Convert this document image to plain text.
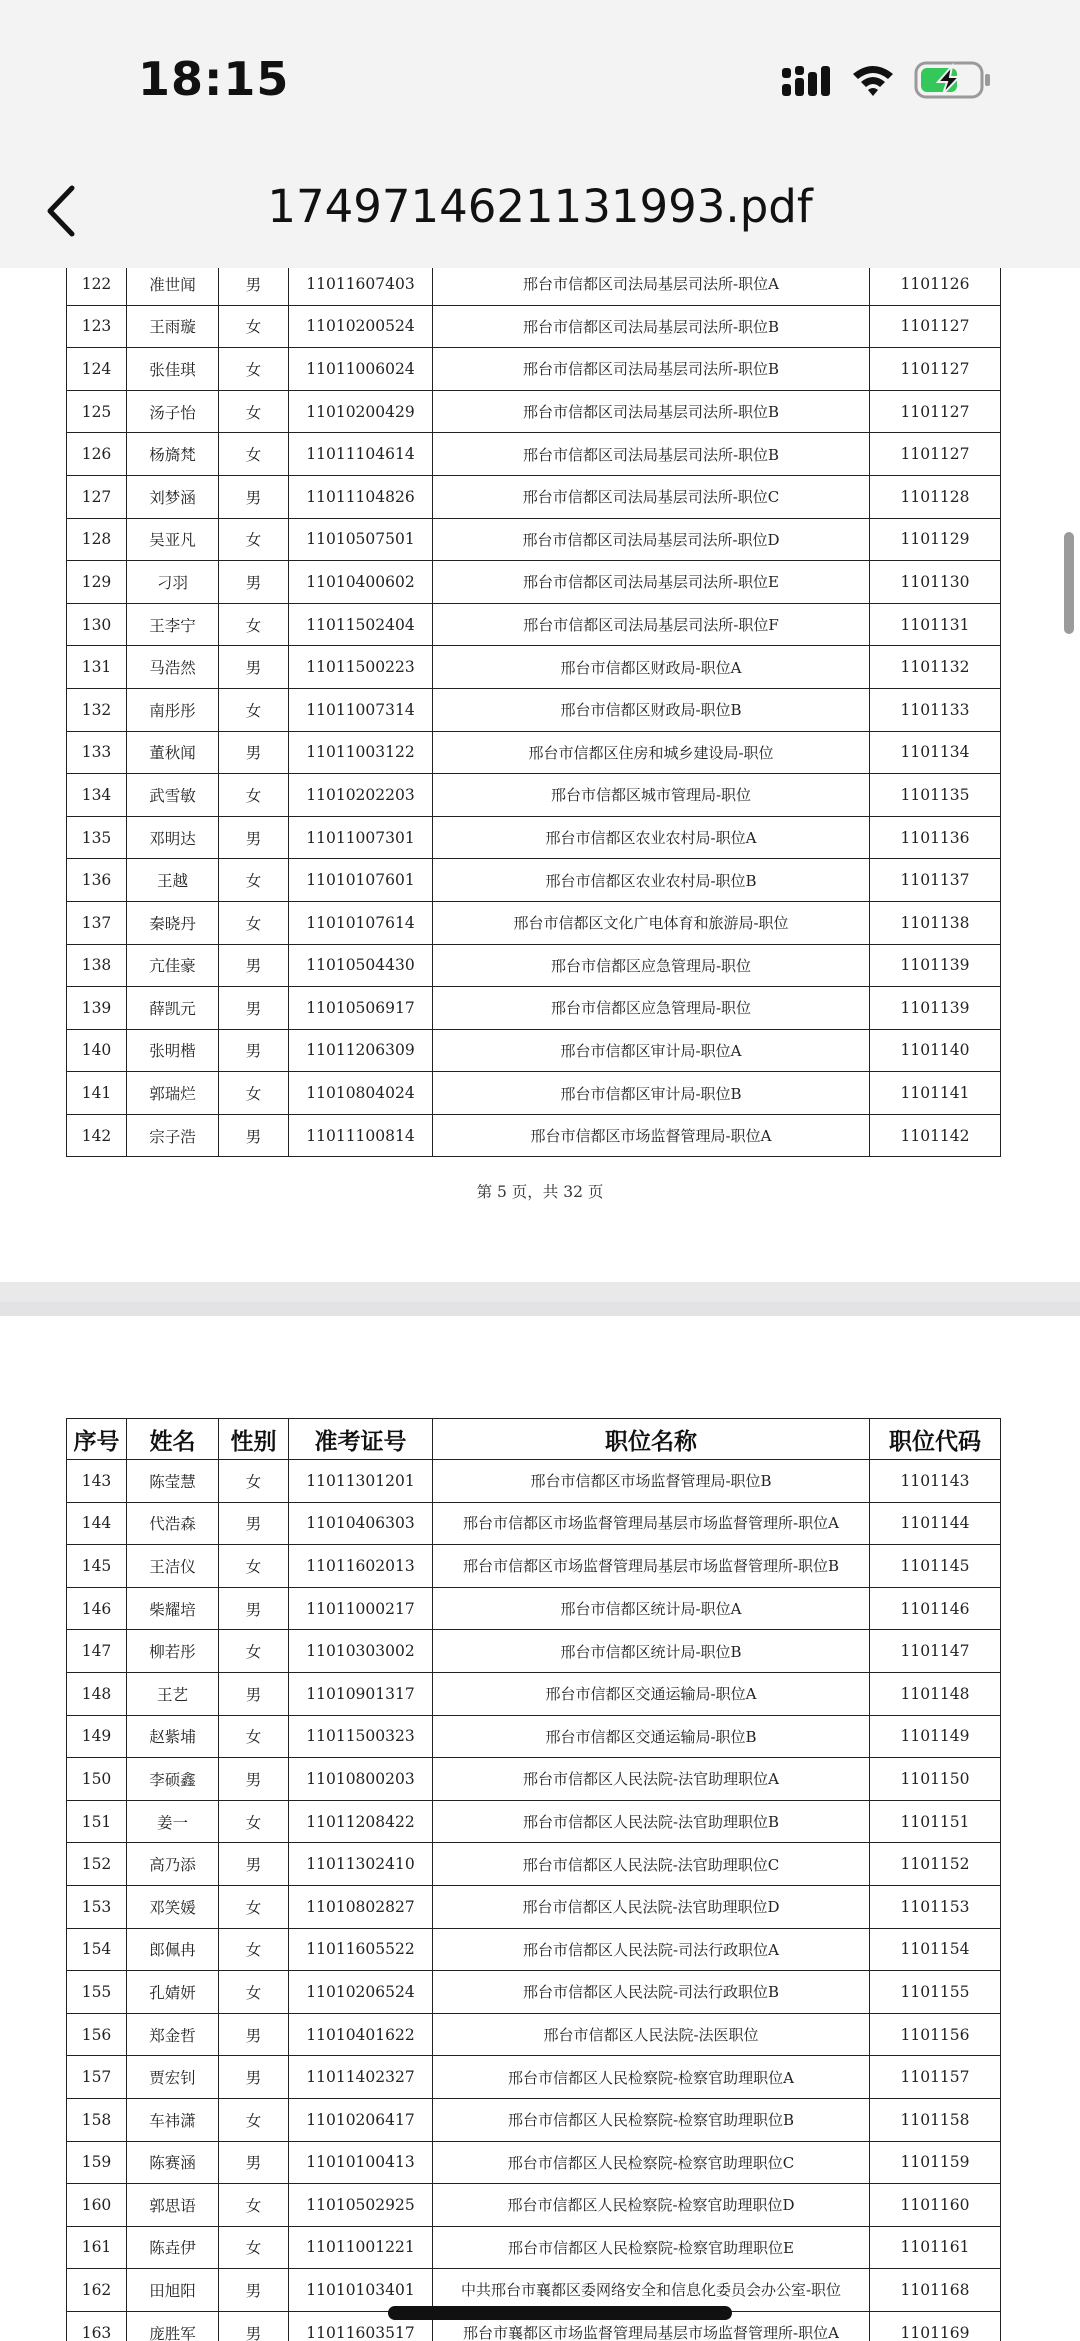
122	准世闻	男	11011607403	邢台市信都区司法局基层司法所-职位A	1101126
123	王雨璇	女	11010200524	邢台市信都区司法局基层司法所-职位B	1101127
124	张佳琪	女	11011006024	邢台市信都区司法局基层司法所-职位B	1101127
125	汤子怡	女	11010200429	邢台市信都区司法局基层司法所-职位B	1101127
126	杨旖梵	女	11011104614	邢台市信都区司法局基层司法所-职位B	1101127
127	刘梦涵	男	11011104826	邢台市信都区司法局基层司法所-职位C	1101128
128	吴亚凡	女	11010507501	邢台市信都区司法局基层司法所-职位D	1101129
129	刁羽	男	11010400602	邢台市信都区司法局基层司法所-职位E	1101130
130	王李宁	女	11011502404	邢台市信都区司法局基层司法所-职位F	1101131
131	马浩然	男	11011500223	邢台市信都区财政局-职位A	1101132
132	南彤彤	女	11011007314	邢台市信都区财政局-职位B	1101133
133	董秋闻	男	11011003122	邢台市信都区住房和城乡建设局-职位	1101134
134	武雪敏	女	11010202203	邢台市信都区城市管理局-职位	1101135
135	邓明达	男	11011007301	邢台市信都区农业农村局-职位A	1101136
136	王越	女	11010107601	邢台市信都区农业农村局-职位B	1101137
137	秦晓丹	女	11010107614	邢台市信都区文化广电体育和旅游局-职位	1101138
138	亢佳豪	男	11010504430	邢台市信都区应急管理局-职位	1101139
139	薛凯元	男	11010506917	邢台市信都区应急管理局-职位	1101139
140	张明楷	男	11011206309	邢台市信都区审计局-职位A	1101140
141	郭瑞烂	女	11010804024	邢台市信都区审计局-职位B	1101141
142	宗子浩	男	11011100814	邢台市信都区市场监督管理局-职位A	1101142
第 5 页，共 32 页
序号	姓名	性别	准考证号	职位名称	职位代码
143	陈莹慧	女	11011301201	邢台市信都区市场监督管理局-职位B	1101143
144	代浩森	男	11010406303	邢台市信都区市场监督管理局基层市场监督管理所-职位A	1101144
145	王洁仪	女	11011602013	邢台市信都区市场监督管理局基层市场监督管理所-职位B	1101145
146	柴耀培	男	11011000217	邢台市信都区统计局-职位A	1101146
147	柳若彤	女	11010303002	邢台市信都区统计局-职位B	1101147
148	王艺	男	11010901317	邢台市信都区交通运输局-职位A	1101148
149	赵紫埔	女	11011500323	邢台市信都区交通运输局-职位B	1101149
150	李硕鑫	男	11010800203	邢台市信都区人民法院-法官助理职位A	1101150
151	姜一	女	11011208422	邢台市信都区人民法院-法官助理职位B	1101151
152	高乃添	男	11011302410	邢台市信都区人民法院-法官助理职位C	1101152
153	邓笑媛	女	11010802827	邢台市信都区人民法院-法官助理职位D	1101153
154	郎佩冉	女	11011605522	邢台市信都区人民法院-司法行政职位A	1101154
155	孔婧妍	女	11010206524	邢台市信都区人民法院-司法行政职位B	1101155
156	郑金哲	男	11010401622	邢台市信都区人民法院-法医职位	1101156
157	贾宏钊	男	11011402327	邢台市信都区人民检察院-检察官助理职位A	1101157
158	车祎潇	女	11010206417	邢台市信都区人民检察院-检察官助理职位B	1101158
159	陈赛涵	男	11010100413	邢台市信都区人民检察院-检察官助理职位C	1101159
160	郭思语	女	11010502925	邢台市信都区人民检察院-检察官助理职位D	1101160
161	陈垚伊	女	11011001221	邢台市信都区人民检察院-检察官助理职位E	1101161
162	田旭阳	男	11010103401	中共邢台市襄都区委网络安全和信息化委员会办公室-职位	1101168
163	庞胜军	男	11011603517	邢台市襄都区市场监督管理局基层市场监督管理所-职位A	1101169
18:15
1749714621131993.pdf
